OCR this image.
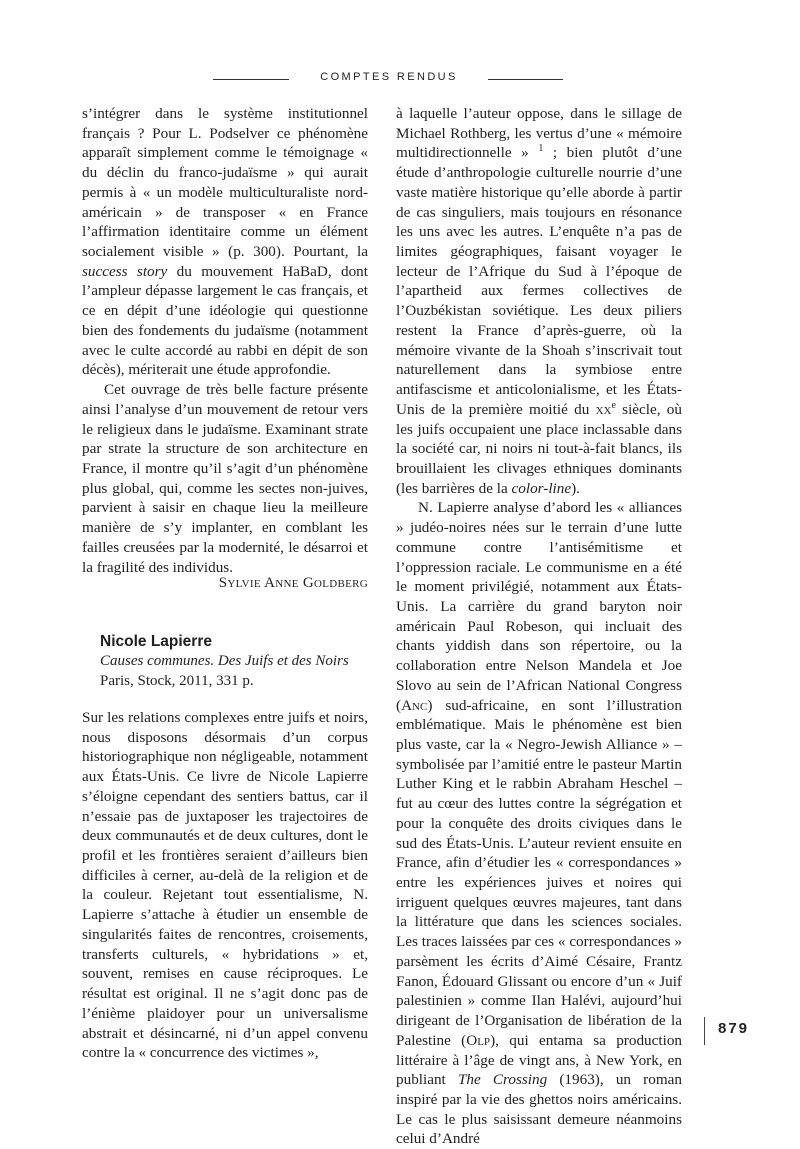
COMPTES RENDUS

s’intégrer dans le système institutionnel français ? Pour L. Podselver ce phénomène apparaît simplement comme le témoignage « du déclin du franco-judaïsme » qui aurait permis à « un modèle multiculturaliste nord-américain » de transposer « en France l’affirmation identitaire comme un élément socialement visible » (p. 300). Pourtant, la success story du mouvement HaBaD, dont l’ampleur dépasse largement le cas français, et ce en dépit d’une idéologie qui questionne bien des fondements du judaïsme (notamment avec le culte accordé au rabbi en dépit de son décès), mériterait une étude approfondie.

Cet ouvrage de très belle facture présente ainsi l’analyse d’un mouvement de retour vers le religieux dans le judaïsme. Examinant strate par strate la structure de son architecture en France, il montre qu’il s’agit d’un phénomène plus global, qui, comme les sectes non-juives, parvient à saisir en chaque lieu la meilleure manière de s’y implanter, en comblant les failles creusées par la modernité, le désarroi et la fragilité des individus.

Sylvie Anne Goldberg

Nicole Lapierre

Causes communes. Des Juifs et des Noirs

Paris, Stock, 2011, 331 p.

Sur les relations complexes entre juifs et noirs, nous disposons désormais d’un corpus historiographique non négligeable, notamment aux États-Unis. Ce livre de Nicole Lapierre s’éloigne cependant des sentiers battus, car il n’essaie pas de juxtaposer les trajectoires de deux communautés et de deux cultures, dont le profil et les frontières seraient d’ailleurs bien difficiles à cerner, au-delà de la religion et de la couleur. Rejetant tout essentialisme, N. Lapierre s’attache à étudier un ensemble de singularités faites de rencontres, croisements, transferts culturels, « hybridations » et, souvent, remises en cause réciproques. Le résultat est original. Il ne s’agit donc pas de l’énième plaidoyer pour un universalisme abstrait et désincarné, ni d’un appel convenu contre la « concurrence des victimes »,

à laquelle l’auteur oppose, dans le sillage de Michael Rothberg, les vertus d’une « mémoire multidirectionnelle » $^1$ ; bien plutôt d’une étude d’anthropologie culturelle nourrie d’une vaste matière historique qu’elle aborde à partir de cas singuliers, mais toujours en résonance les uns avec les autres. L’enquête n’a pas de limites géographiques, faisant voyager le lecteur de l’Afrique du Sud à l’époque de l’apartheid aux fermes collectives de l’Ouzbékistan soviétique. Les deux piliers restent la France d’après-guerre, où la mémoire vivante de la Shoah s’inscrivait tout naturellement dans la symbiose entre antifascisme et anticolonialisme, et les États-Unis de la première moitié du $xx^e$ siècle, où les juifs occupaient une place inclassable dans la société car, ni noirs ni tout-à-fait blancs, ils brouillaient les clivages ethniques dominants (les barrières de la color-line).

N. Lapierre analyse d’abord les « alliances » judéo-noires nées sur le terrain d’une lutte commune contre l’antisémitisme et l’oppression raciale. Le communisme en a été le moment privilégié, notamment aux États-Unis. La carrière du grand baryton noir américain Paul Robeson, qui incluait des chants yiddish dans son répertoire, ou la collaboration entre Nelson Mandela et Joe Slovo au sein de l’African National Congress (Anc) sud-africaine, en sont l’illustration emblématique. Mais le phénomène est bien plus vaste, car la « Negro-Jewish Alliance » – symbolisée par l’amitié entre le pasteur Martin Luther King et le rabbin Abraham Heschel – fut au cœur des luttes contre la ségrégation et pour la conquête des droits civiques dans le sud des États-Unis. L’auteur revient ensuite en France, afin d’étudier les « correspondances » entre les expériences juives et noires qui irriguent quelques œuvres majeures, tant dans la littérature que dans les sciences sociales. Les traces laissées par ces « correspondances » parsèment les écrits d’Aimé Césaire, Frantz Fanon, Édouard Glissant ou encore d’un « Juif palestinien » comme Ilan Halévi, aujourd’hui dirigeant de l’Organisation de libération de la Palestine (Olp), qui entama sa production littéraire à l’âge de vingt ans, à New York, en publiant The Crossing (1963), un roman inspiré par la vie des ghettos noirs américains. Le cas le plus saisissant demeure néanmoins celui d’André

879
